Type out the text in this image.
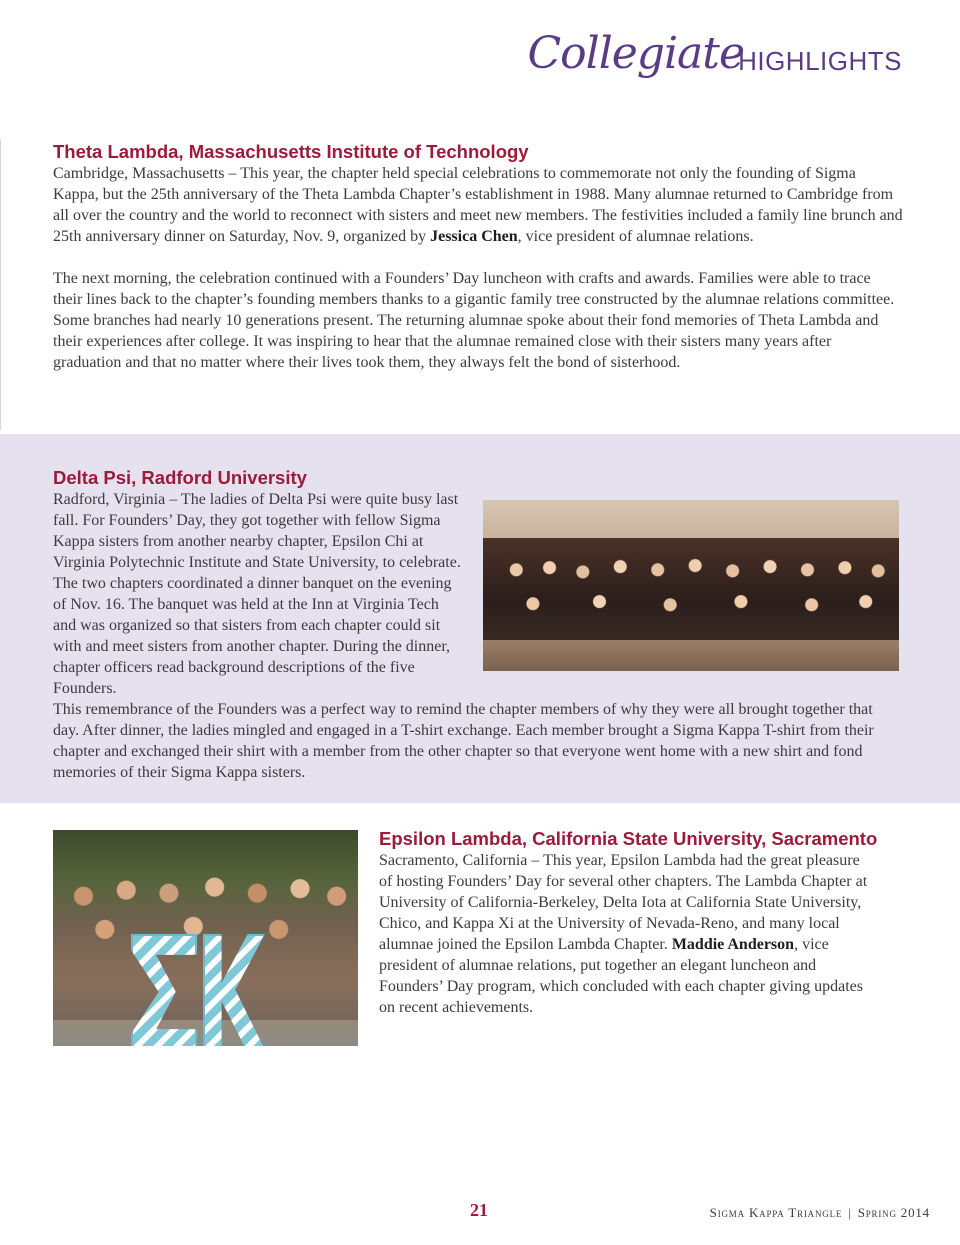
Collegiate
HIGHLIGHTS
Theta Lambda, Massachusetts Institute of Technology

Cambridge, Massachusetts – This year, the chapter held special celebrations to commemorate not only the founding of Sigma Kappa, but the 25th anniversary of the Theta Lambda Chapter’s establishment in 1988. Many alumnae returned to Cambridge from all over the country and the world to reconnect with sisters and meet new members. The festivities included a family line brunch and 25th anniversary dinner on Saturday, Nov. 9, organized by Jessica Chen, vice president of alumnae relations.

The next morning, the celebration continued with a Founders’ Day luncheon with crafts and awards. Families were able to trace their lines back to the chapter’s founding members thanks to a gigantic family tree constructed by the alumnae relations committee. Some branches had nearly 10 generations present. The returning alumnae spoke about their fond memories of Theta Lambda and their experiences after college. It was inspiring to hear that the alumnae remained close with their sisters many years after graduation and that no matter where their lives took them, they always felt the bond of sisterhood.

Delta Psi, Radford University

Radford, Virginia – The ladies of Delta Psi were quite busy last fall. For Founders’ Day, they got together with fellow Sigma Kappa sisters from another nearby chapter, Epsilon Chi at Virginia Polytechnic Institute and State University, to celebrate. The two chapters coordinated a dinner banquet on the evening of Nov. 16. The banquet was held at the Inn at Virginia Tech and was organized so that sisters from each chapter could sit with and meet sisters from another chapter. During the dinner, chapter officers read background descriptions of the five Founders.

This remembrance of the Founders was a perfect way to remind the chapter members of why they were all brought together that day. After dinner, the ladies mingled and engaged in a T-shirt exchange. Each member brought a Sigma Kappa T-shirt from their chapter and exchanged their shirt with a member from the other chapter so that everyone went home with a new shirt and fond memories of their Sigma Kappa sisters.

Epsilon Lambda, California State University, Sacramento

Sacramento, California – This year, Epsilon Lambda had the great pleasure of hosting Founders’ Day for several other chapters. The Lambda Chapter at University of California-Berkeley, Delta Iota at California State University, Chico, and Kappa Xi at the University of Nevada-Reno, and many local alumnae joined the Epsilon Lambda Chapter. Maddie Anderson, vice president of alumnae relations, put together an elegant luncheon and Founders’ Day program, which concluded with each chapter giving updates on recent achievements.

21	Sigma Kappa Triangle | Spring 2014
